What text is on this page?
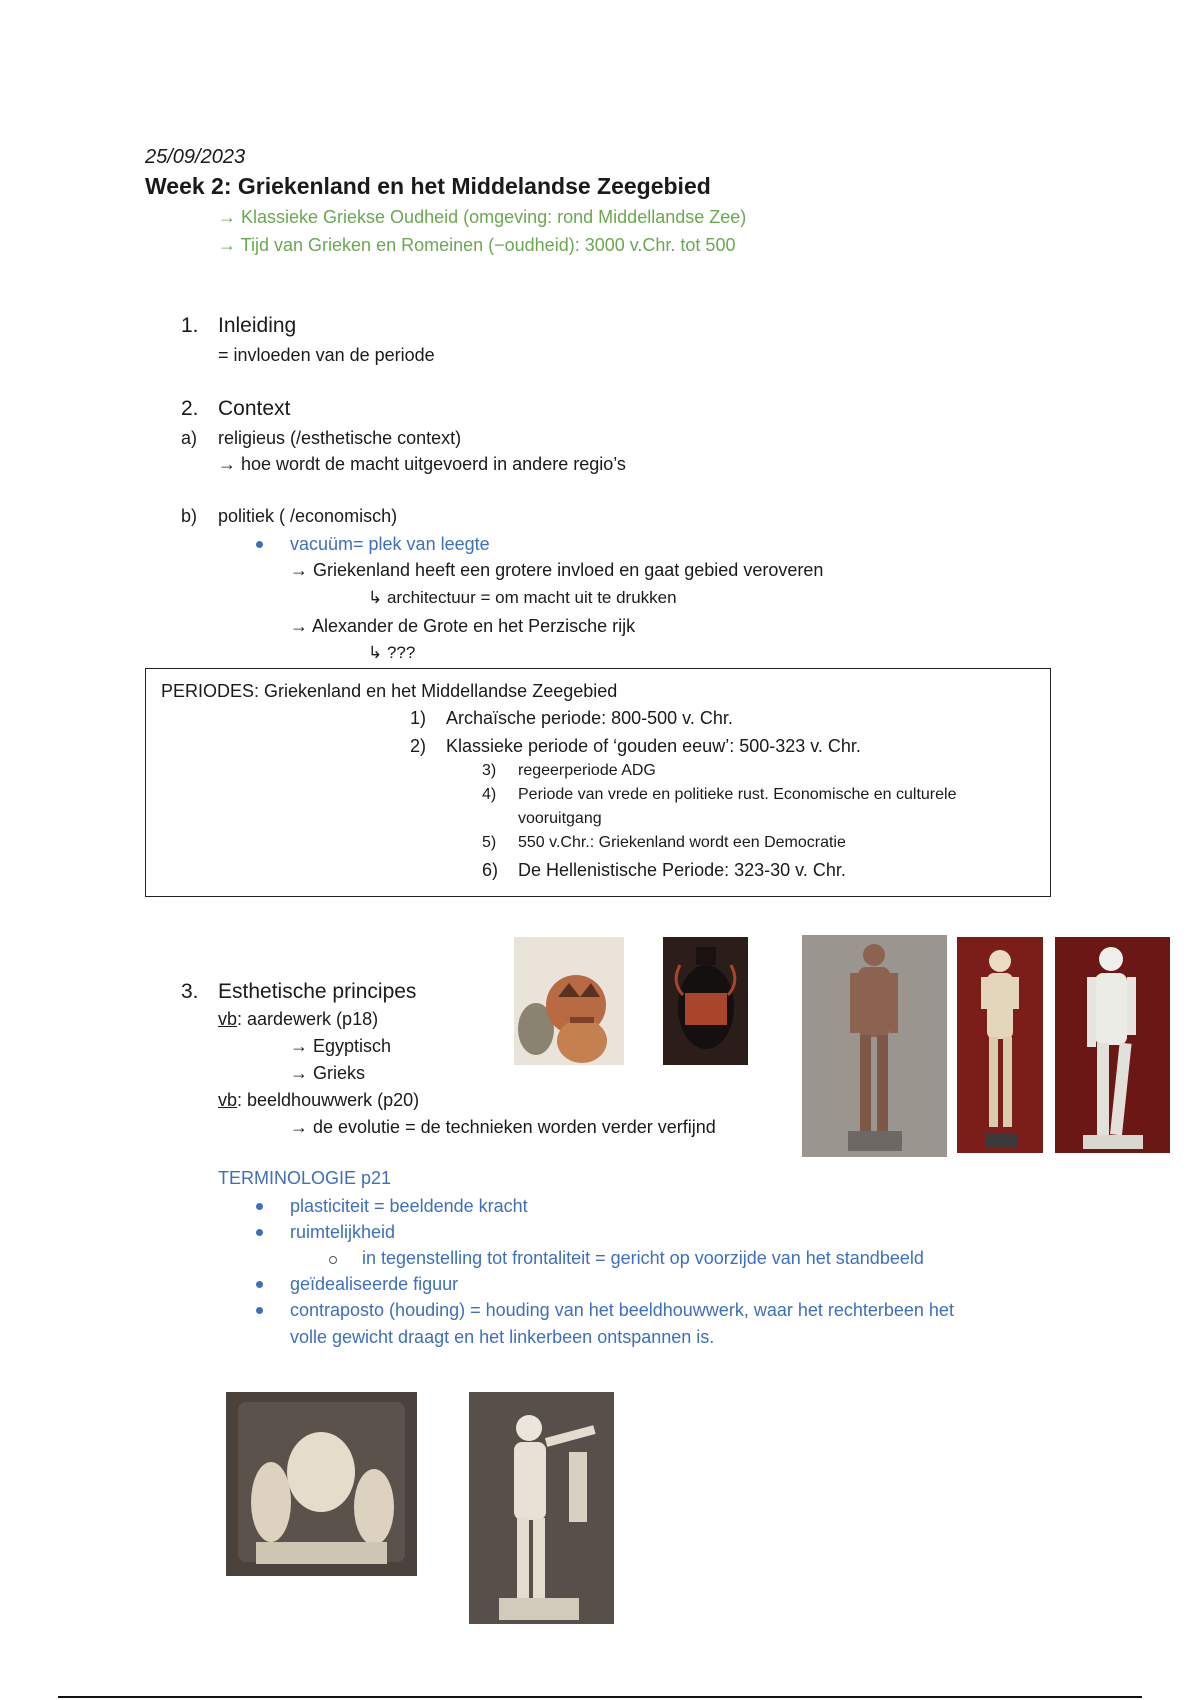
25/09/2023
Week 2: Griekenland en het Middelandse Zeegebied
→ Klassieke Griekse Oudheid (omgeving: rond Middellandse Zee)
→ Tijd van Grieken en Romeinen (−oudheid): 3000 v.Chr. tot 500
1. Inleiding
= invloeden van de periode
2. Context
a) religieus (/esthetische context)
→ hoe wordt de macht uitgevoerd in andere regio’s
b) politiek ( /economisch)
vacuüm= plek van leegte
→ Griekenland heeft een grotere invloed en gaat gebied veroveren
↳ architectuur = om macht uit te drukken
→ Alexander de Grote en het Perzische rijk
↳ ???
PERIODES: Griekenland en het Middellandse Zeegebied
1) Archaïsche periode: 800-500 v. Chr.
2) Klassieke periode of ‘gouden eeuw’: 500-323 v. Chr.
3) regeerperiode ADG
4) Periode van vrede en politieke rust. Economische en culturele
vooruitgang
5) 550 v.Chr.: Griekenland wordt een Democratie
6) De Hellenistische Periode: 323-30 v. Chr.
3. Esthetische principes
vb: aardewerk (p18)
→ Egyptisch
→ Grieks
vb: beeldhouwwerk (p20)
→ de evolutie = de technieken worden verder verfijnd
TERMINOLOGIE p21
plasticiteit = beeldende kracht
ruimtelijkheid
in tegenstelling tot frontaliteit = gericht op voorzijde van het standbeeld
geïdealiseerde figuur
contraposto (houding) = houding van het beeldhouwwerk, waar het rechterbeen het
volle gewicht draagt en het linkerbeen ontspannen is.
